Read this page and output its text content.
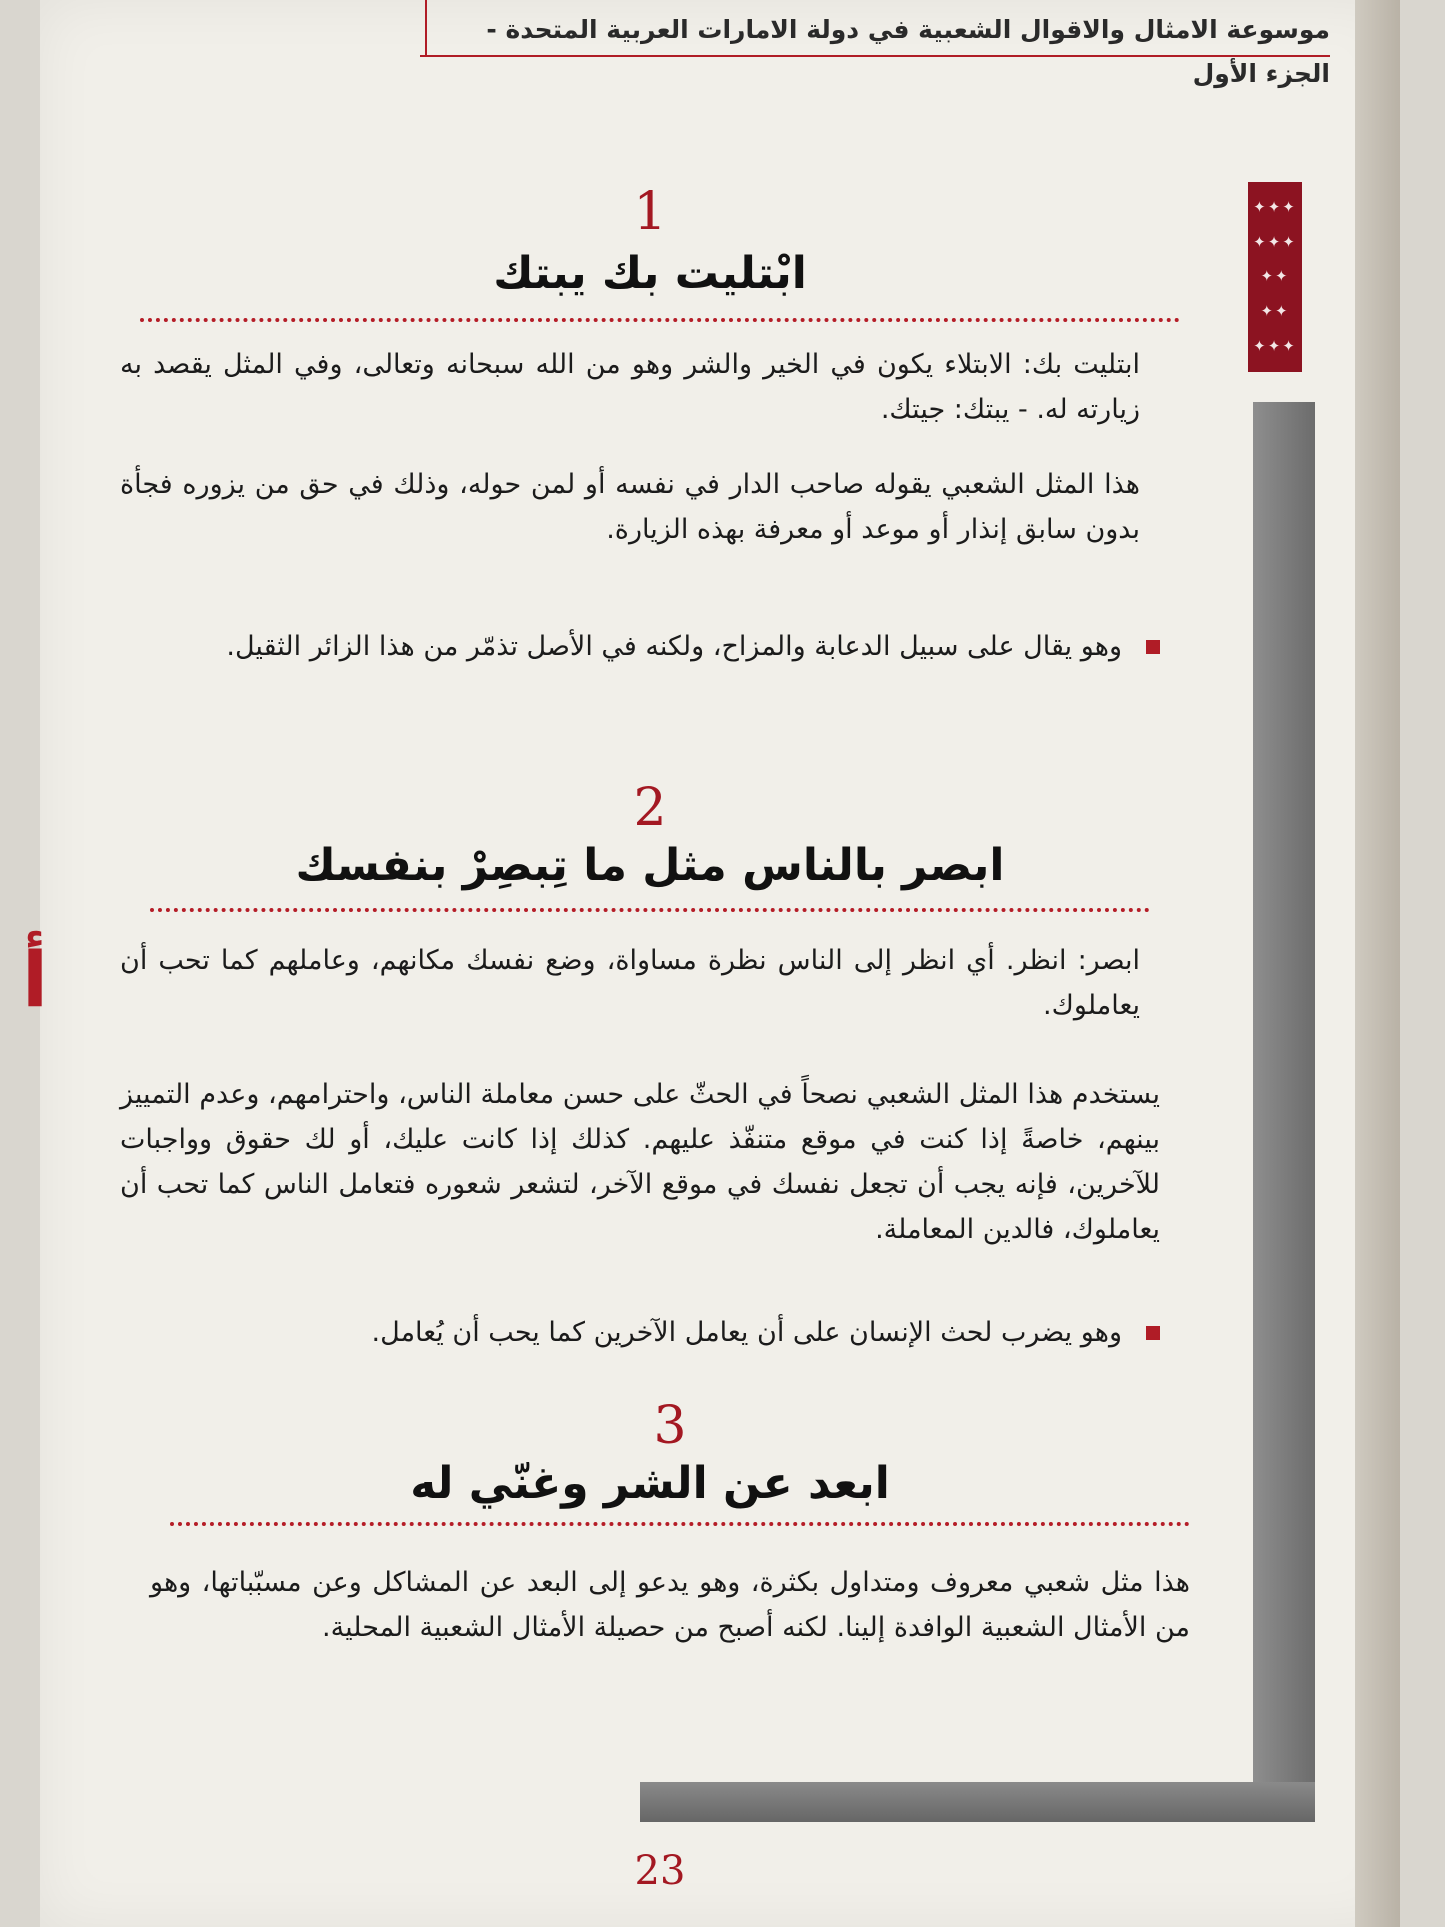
موسوعة الامثال والاقوال الشعبية في دولة الامارات العربية المتحدة - الجزء الأول
✦✦✦
✦✦✦
✦✦
✦✦
✦✦✦
أ
1
ابْتليت بك يبتك
ابتليت بك: الابتلاء يكون في الخير والشر وهو من الله سبحانه وتعالى، وفي المثل يقصد به زيارته له. - يبتك: جيتك.
هذا المثل الشعبي يقوله صاحب الدار في نفسه أو لمن حوله، وذلك في حق من يزوره فجأة بدون سابق إنذار أو موعد أو معرفة بهذه الزيارة.
وهو يقال على سبيل الدعابة والمزاح، ولكنه في الأصل تذمّر من هذا الزائر الثقيل.
2
ابصر بالناس مثل ما تِبصِرْ بنفسك
ابصر: انظر. أي انظر إلى الناس نظرة مساواة، وضع نفسك مكانهم، وعاملهم كما تحب أن يعاملوك.
يستخدم هذا المثل الشعبي نصحاً في الحثّ على حسن معاملة الناس، واحترامهم، وعدم التمييز بينهم، خاصةً إذا كنت في موقع متنفّذ عليهم. كذلك إذا كانت عليك، أو لك حقوق وواجبات للآخرين، فإنه يجب أن تجعل نفسك في موقع الآخر، لتشعر شعوره فتعامل الناس كما تحب أن يعاملوك، فالدين المعاملة.
وهو يضرب لحث الإنسان على أن يعامل الآخرين كما يحب أن يُعامل.
3
ابعد عن الشر وغنّي له
هذا مثل شعبي معروف ومتداول بكثرة، وهو يدعو إلى البعد عن المشاكل وعن مسبّباتها، وهو من الأمثال الشعبية الوافدة إلينا. لكنه أصبح من حصيلة الأمثال الشعبية المحلية.
23
